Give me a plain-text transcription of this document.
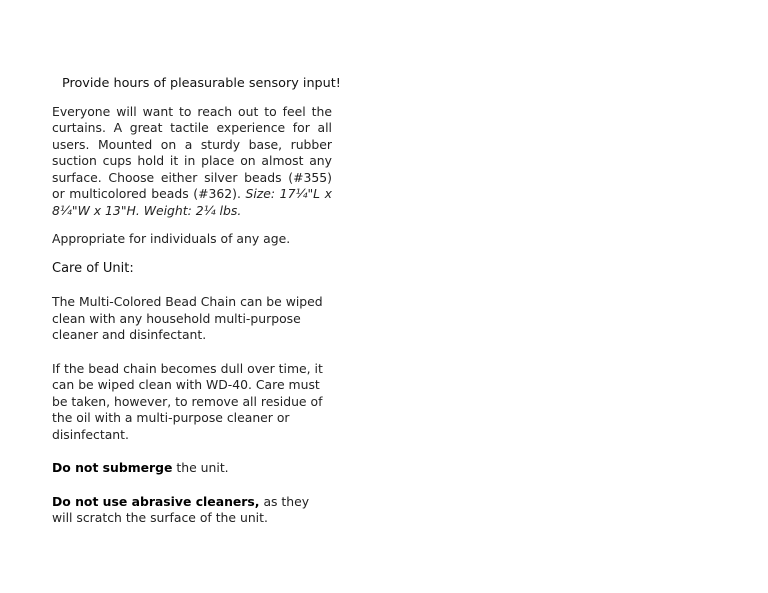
Provide hours of pleasurable sensory input!

Everyone will want to reach out to feel the curtains. A great tactile experience for all users. Mounted on a sturdy base, rubber suction cups hold it in place on almost any surface. Choose either silver beads (#355) or multicolored beads (#362). Size: 17¼"L x 8¼"W x 13"H. Weight: 2¼ lbs.

Appropriate for individuals of any age.

Care of Unit:

The Multi-Colored Bead Chain can be wiped clean with any household multi-purpose cleaner and disinfectant.

If the bead chain becomes dull over time, it can be wiped clean with WD-40. Care must be taken, however, to remove all residue of the oil with a multi-purpose cleaner or disinfectant.

Do not submerge the unit.

Do not use abrasive cleaners, as they will scratch the surface of the unit.
